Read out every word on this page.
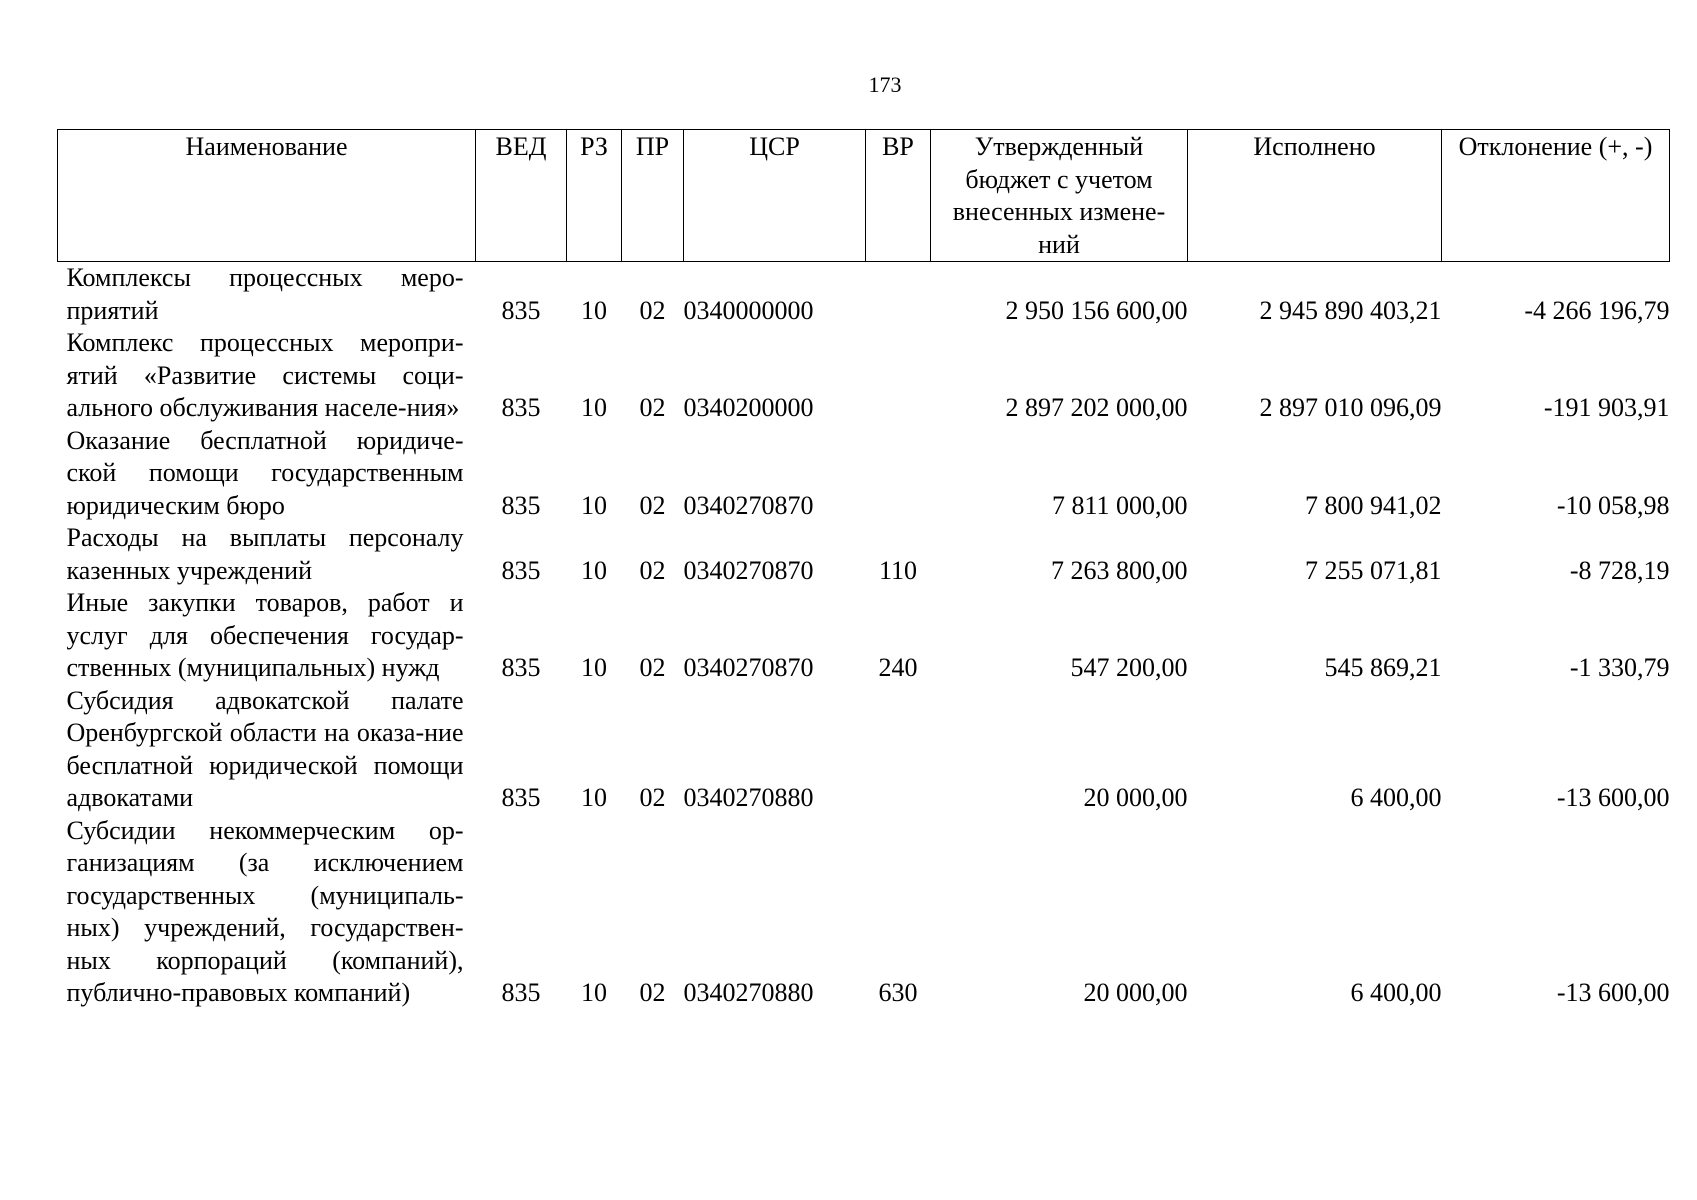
173
Наименование	ВЕД	РЗ	ПР	ЦСР	ВР	Утвержденный бюджет с учетом внесенных измене-ний	Исполнено	Отклонение (+, -)
Комплексы процессных меро-приятий	835	10	02	0340000000		2 950 156 600,00	2 945 890 403,21	-4 266 196,79
Комплекс процессных меропри-ятий «Развитие системы соци-ального обслуживания населе-ния»	835	10	02	0340200000		2 897 202 000,00	2 897 010 096,09	-191 903,91
Оказание бесплатной юридиче-ской помощи государственным юридическим бюро	835	10	02	0340270870		7 811 000,00	7 800 941,02	-10 058,98
Расходы на выплаты персоналу казенных учреждений	835	10	02	0340270870	110	7 263 800,00	7 255 071,81	-8 728,19
Иные закупки товаров, работ и услуг для обеспечения государ-ственных (муниципальных) нужд	835	10	02	0340270870	240	547 200,00	545 869,21	-1 330,79
Субсидия адвокатской палате Оренбургской области на оказа-ние бесплатной юридической помощи адвокатами	835	10	02	0340270880		20 000,00	6 400,00	-13 600,00
Субсидии некоммерческим ор-ганизациям (за исключением государственных (муниципаль-ных) учреждений, государствен-ных корпораций (компаний), публично-правовых компаний)	835	10	02	0340270880	630	20 000,00	6 400,00	-13 600,00
